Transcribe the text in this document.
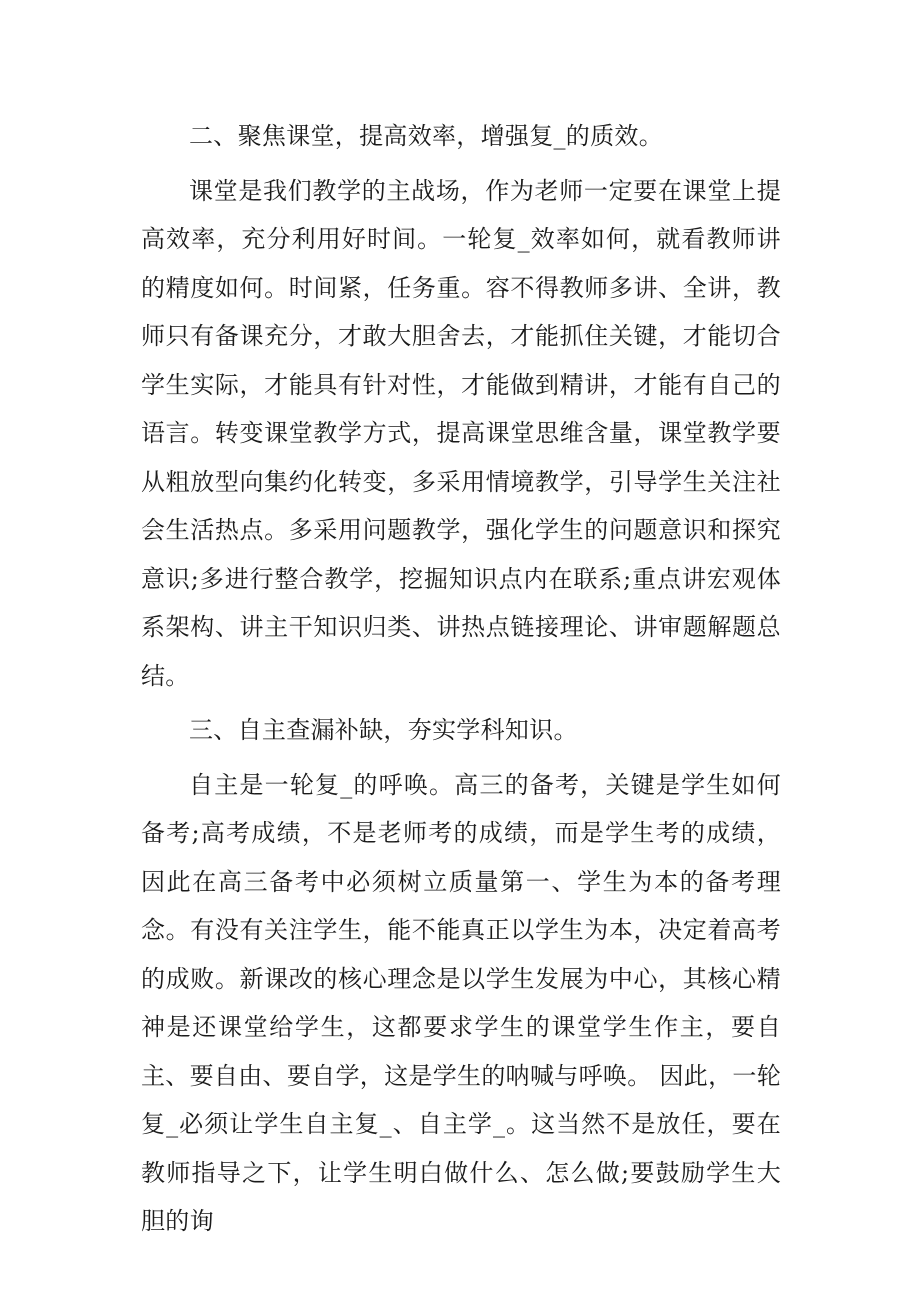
二、聚焦课堂，提高效率，增强复_的质效。

课堂是我们教学的主战场，作为老师一定要在课堂上提高效率，充分利用好时间。一轮复_效率如何，就看教师讲的精度如何。时间紧，任务重。容不得教师多讲、全讲，教师只有备课充分，才敢大胆舍去，才能抓住关键，才能切合学生实际，才能具有针对性，才能做到精讲，才能有自己的语言。转变课堂教学方式，提高课堂思维含量，课堂教学要从粗放型向集约化转变，多采用情境教学，引导学生关注社会生活热点。多采用问题教学，强化学生的问题意识和探究意识;多进行整合教学，挖掘知识点内在联系;重点讲宏观体系架构、讲主干知识归类、讲热点链接理论、讲审题解题总结。

三、自主查漏补缺，夯实学科知识。

自主是一轮复_的呼唤。高三的备考，关键是学生如何备考;高考成绩，不是老师考的成绩，而是学生考的成绩，因此在高三备考中必须树立质量第一、学生为本的备考理念。有没有关注学生，能不能真正以学生为本，决定着高考的成败。新课改的核心理念是以学生发展为中心，其核心精神是还课堂给学生，这都要求学生的课堂学生作主，要自主、要自由、要自学，这是学生的呐喊与呼唤。 因此，一轮复_必须让学生自主复_、自主学_。这当然不是放任，要在教师指导之下，让学生明白做什么、怎么做;要鼓励学生大胆的询
